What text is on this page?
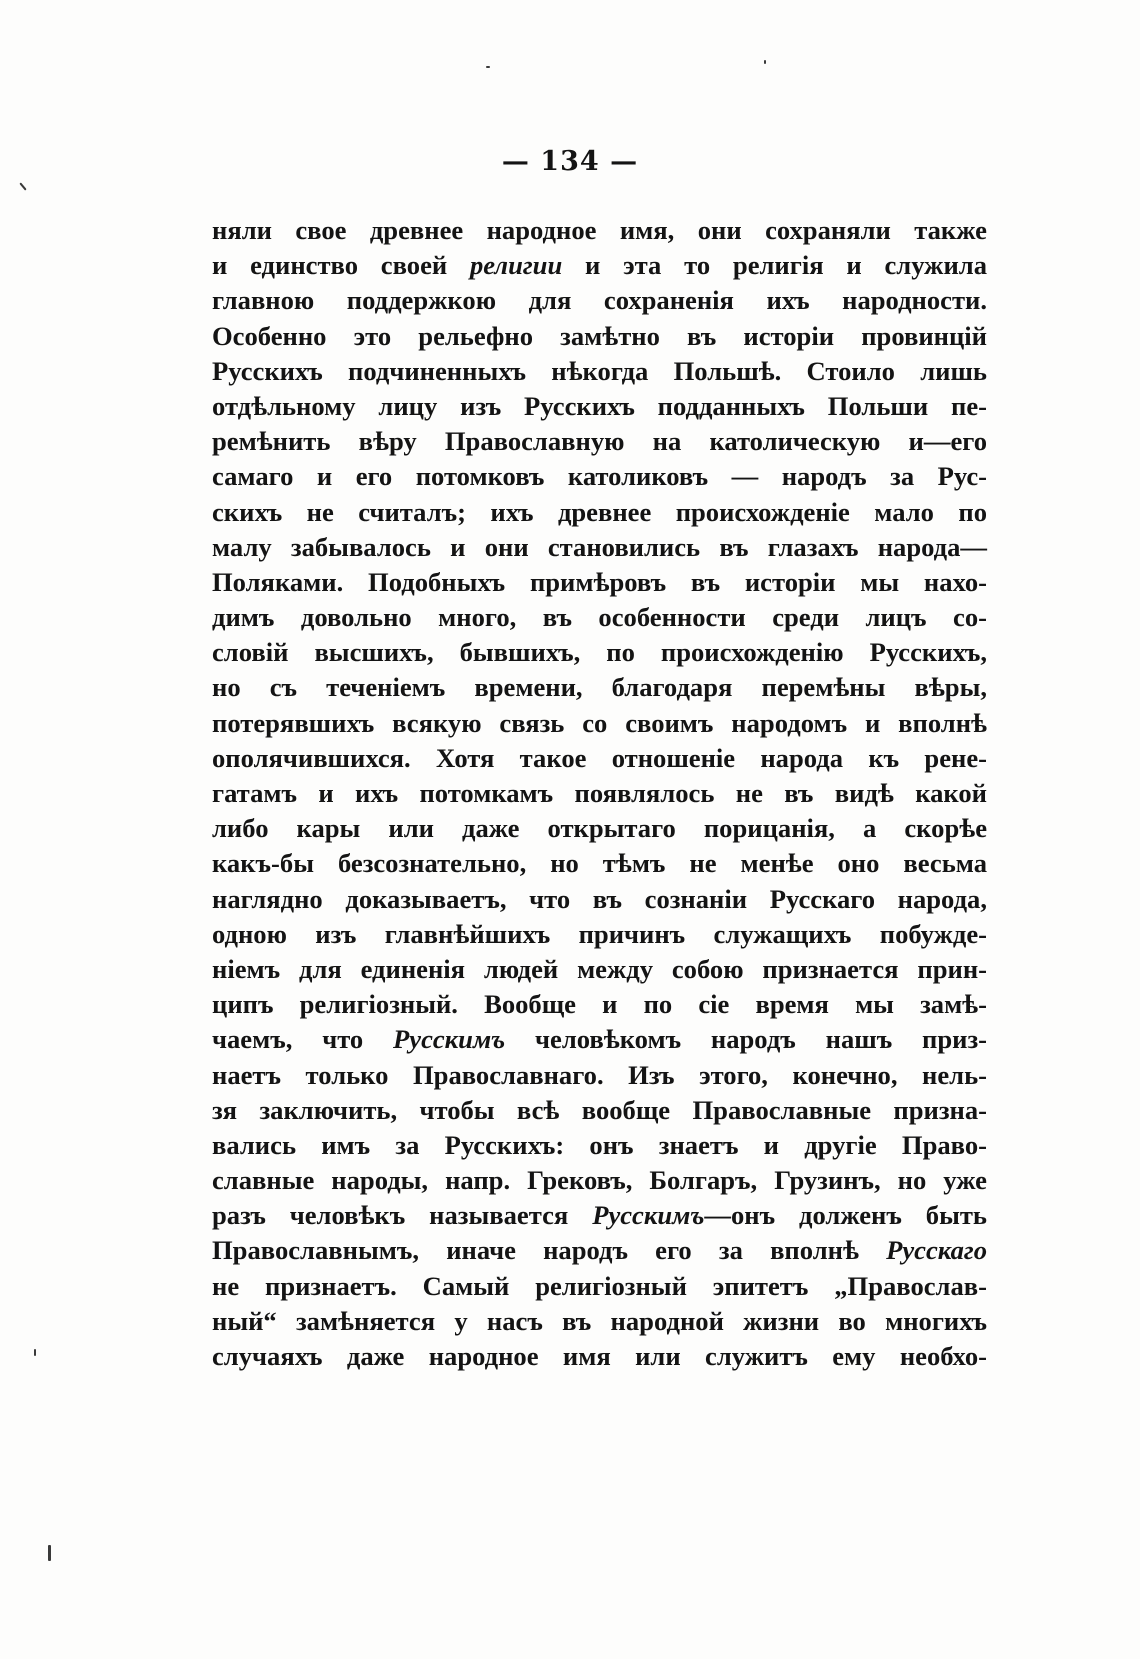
— 134 —
няли свое древнее народное имя, они сохраняли также
и единство своей религии и эта то религія и служила
главною поддержкою для сохраненія ихъ народности.
Особенно это рельефно замѣтно въ исторіи провинцій
Русскихъ подчиненныхъ нѣкогда Польшѣ. Стоило лишь
отдѣльному лицу изъ Русскихъ подданныхъ Польши пе-
ремѣнить вѣру Православную на католическую и—его
самаго и его потомковъ католиковъ — народъ за Рус-
скихъ не считалъ; ихъ древнее происхожденіе мало по
малу забывалось и они становились въ глазахъ народа—
Поляками. Подобныхъ примѣровъ въ исторіи мы нахо-
димъ довольно много, въ особенности среди лицъ со-
словій высшихъ, бывшихъ, по происхожденію Русскихъ,
но съ теченіемъ времени, благодаря перемѣны вѣры,
потерявшихъ всякую связь со своимъ народомъ и вполнѣ
ополячившихся. Хотя такое отношеніе народа къ рене-
гатамъ и ихъ потомкамъ появлялось не въ видѣ какой
либо кары или даже открытаго порицанія, а скорѣе
какъ-бы безсознательно, но тѣмъ не менѣе оно весьма
наглядно доказываетъ, что въ сознаніи Русскаго народа,
одною изъ главнѣйшихъ причинъ служащихъ побужде-
ніемъ для единенія людей между собою признается прин-
ципъ религіозный. Вообще и по сіе время мы замѣ-
чаемъ, что Русскимъ человѣкомъ народъ нашъ приз-
наетъ только Православнаго. Изъ этого, конечно, нель-
зя заключить, чтобы всѣ вообще Православные призна-
вались имъ за Русскихъ: онъ знаетъ и другіе Право-
славные народы, напр. Грековъ, Болгаръ, Грузинъ, но уже
разъ человѣкъ называется Русскимъ—онъ долженъ быть
Православнымъ, иначе народъ его за вполнѣ Русскаго
не признаетъ. Самый религіозный эпитетъ „Православ-
ный“ замѣняется у насъ въ народной жизни во многихъ
случаяхъ даже народное имя или служитъ ему необхо-
